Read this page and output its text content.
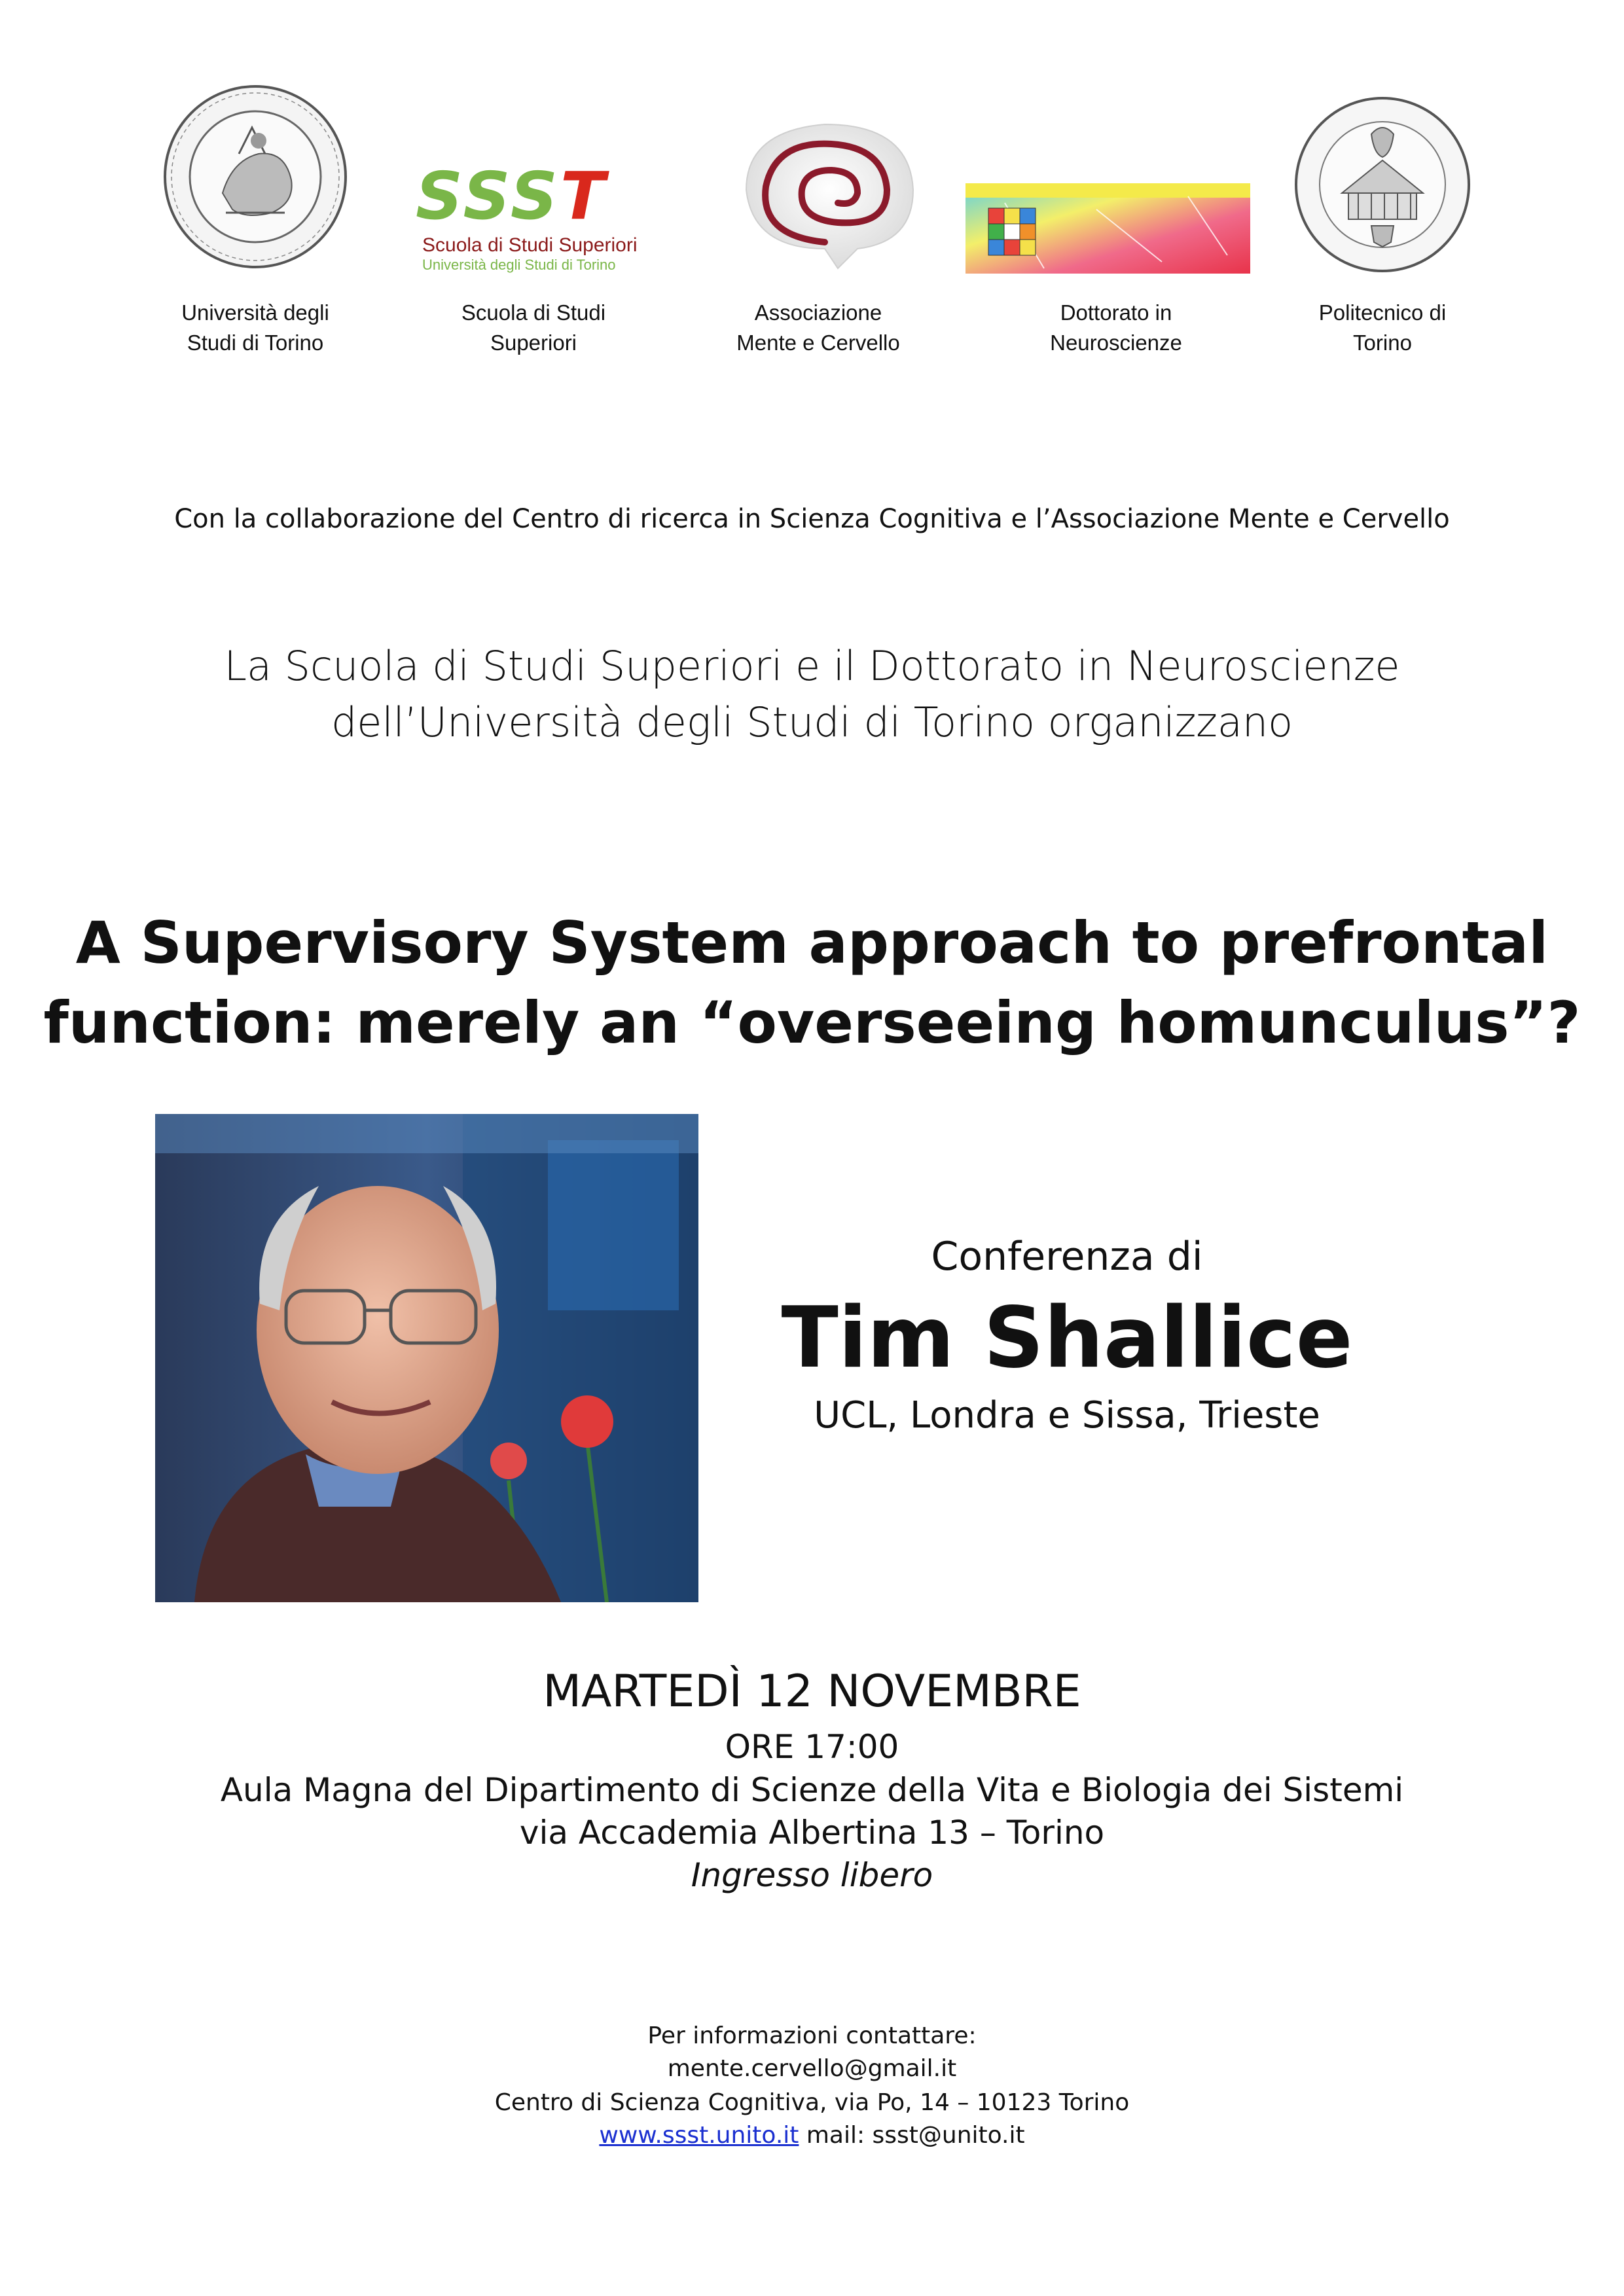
Università degli
Studi di Torino
SSST
Scuola di Studi Superiori
Università degli Studi di Torino
Scuola di Studi
Superiori
Associazione
Mente e Cervello
Dottorato in
Neuroscienze
Politecnico di
Torino
Con la collaborazione del Centro di ricerca in Scienza Cognitiva e l’Associazione Mente e Cervello
La Scuola di Studi Superiori e il Dottorato in Neuroscienze
dell’Università degli Studi di Torino organizzano
A Supervisory System approach to prefrontal
function: merely an “overseeing homunculus”?
Conferenza di
Tim Shallice
UCL, Londra e Sissa, Trieste
MARTEDÌ 12 NOVEMBRE
ORE 17:00
Aula Magna del Dipartimento di Scienze della Vita e Biologia dei Sistemi
via Accademia Albertina 13 – Torino
Ingresso libero
Per informazioni contattare:
mente.cervello@gmail.it
Centro di Scienza Cognitiva, via Po, 14 – 10123 Torino
www.ssst.unito.it mail: ssst@unito.it
